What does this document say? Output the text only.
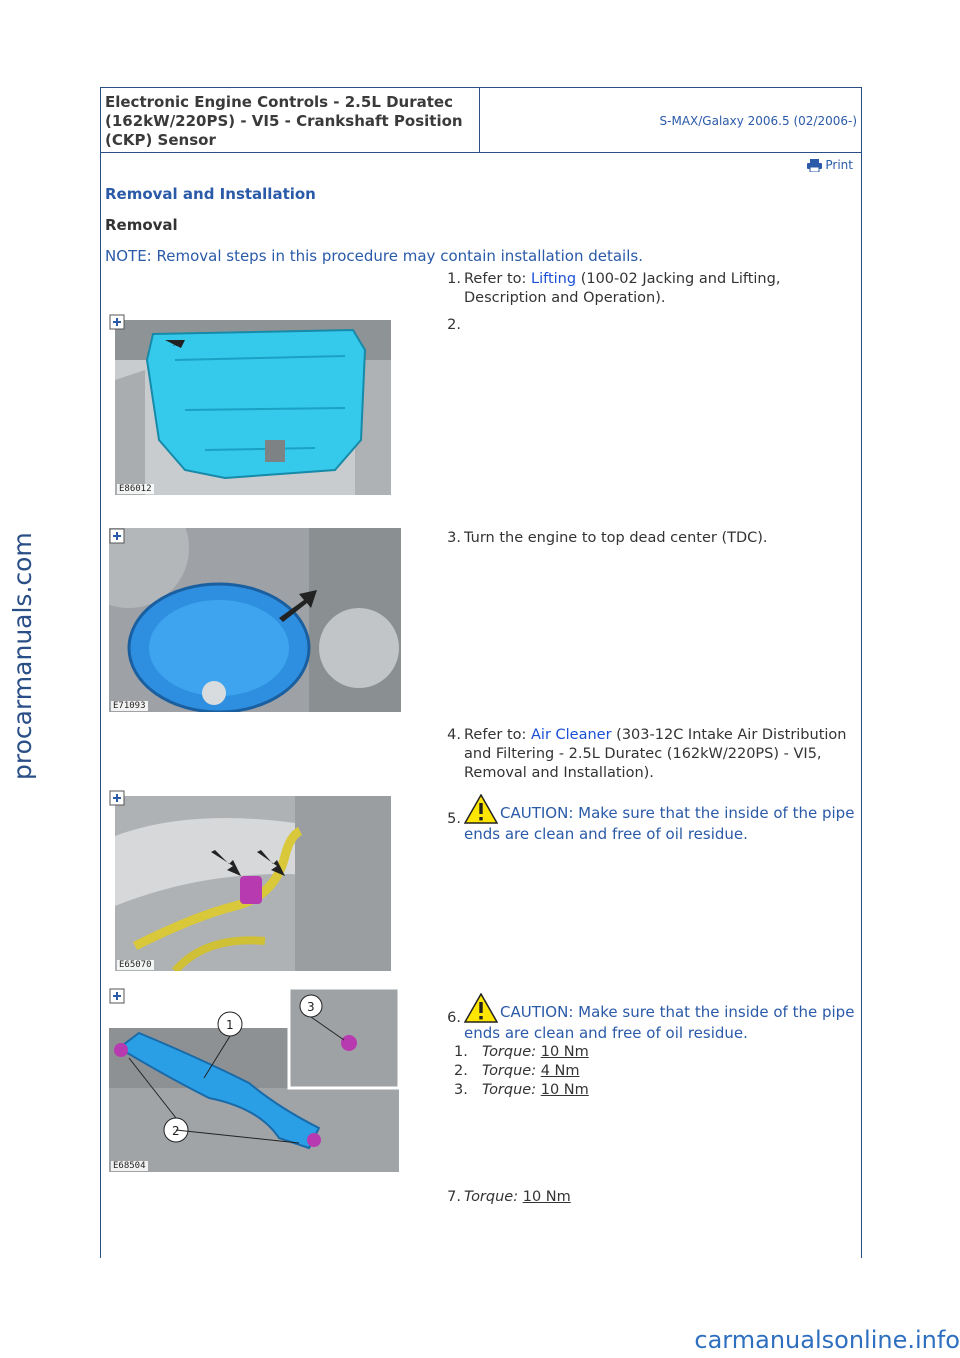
Electronic Engine Controls - 2.5L Duratec (162kW/220PS) - VI5 - Crankshaft Position (CKP) Sensor
S-MAX/Galaxy 2006.5 (02/2006-)
Print
Removal and Installation
Removal
NOTE: Removal steps in this procedure may contain installation details.
1. Refer to: Lifting (100-02 Jacking and Lifting, Description and Operation).
x7
E86012
2.
E71093
3. Turn the engine to top dead center (TDC).
4. Refer to: Air Cleaner (303-12C Intake Air Distribution and Filtering - 2.5L Duratec (162kW/220PS) - VI5, Removal and Installation).
E65070
5.	CAUTION: Make sure that the inside of the pipe ends are clean and free of oil residue.
1
2
3
E68504
6.	CAUTION: Make sure that the inside of the pipe ends are clean and free of oil residue.
1. Torque: 10 Nm
2. Torque: 4 Nm
3. Torque: 10 Nm
7. Torque: 10 Nm
procarmanuals.com
carmanualsonline.info
